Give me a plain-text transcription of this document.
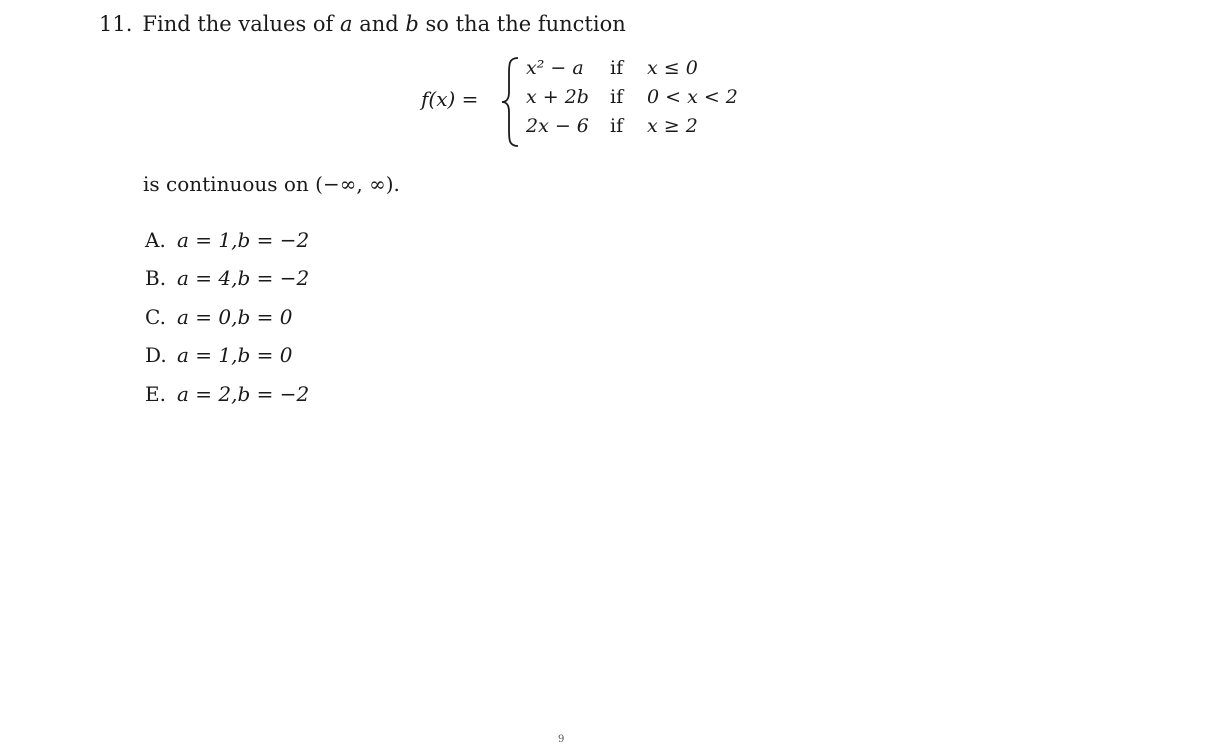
11. Find the values of a and b so tha the function
f(x) =
x² − a if x ≤ 0
x + 2b if 0 < x < 2
2x − 6 if x ≥ 2
is continuous on (−∞, ∞).
A. a = 1,b = −2
B. a = 4,b = −2
C. a = 0,b = 0
D. a = 1,b = 0
E. a = 2,b = −2
9
